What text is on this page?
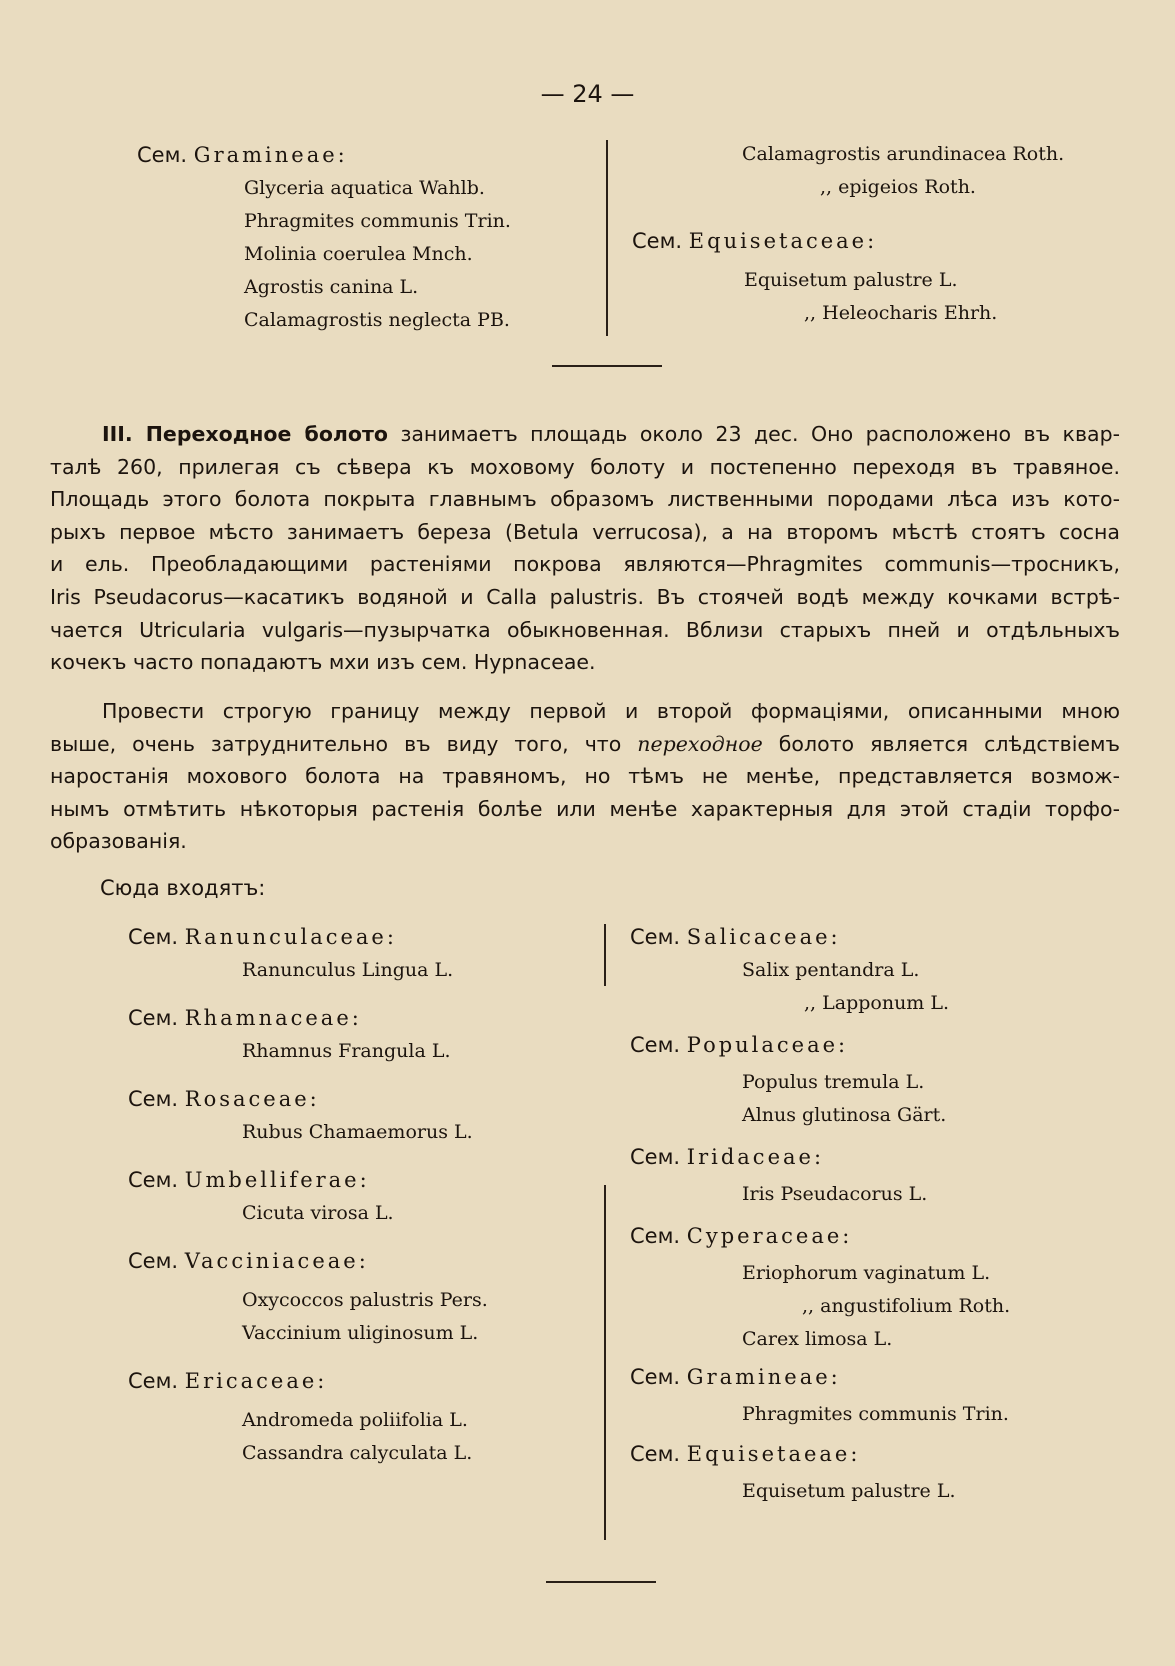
— 24 —
Сем. Gramineae:
Glyceria aquatica Wahlb.
Phragmites communis Trin.
Molinia coerulea Mnch.
Agrostis canina L.
Calamagrostis neglecta PB.
Calamagrostis arundinacea Roth.
,, epigeios Roth.
Сем. Equisetaceae:
Equisetum palustre L.
,, Heleocharis Ehrh.

III. Переходное болото занимаетъ площадь около 23 дес. Оно расположено въ квар-
талѣ 260, прилегая съ сѣвера къ моховому болоту и постепенно переходя въ травяное.
Площадь этого болота покрыта главнымъ образомъ лиственными породами лѣса изъ кото-
рыхъ первое мѣсто занимаетъ береза (Betula verrucosa), а на второмъ мѣстѣ стоятъ сосна
и ель. Преобладающими растеніями покрова являются—Phragmites communis—тросникъ,
Iris Pseudacorus—касатикъ водяной и Calla palustris. Въ стоячей водѣ между кочками встрѣ-
чается Utricularia vulgaris—пузырчатка обыкновенная. Вблизи старыхъ пней и отдѣльныхъ
кочекъ часто попадаютъ мхи изъ сем. Hypnaceae.

Провести строгую границу между первой и второй формаціями, описанными мною
выше, очень затруднительно въ виду того, что переходное болото является слѣдствіемъ
наростанія мохового болота на травяномъ, но тѣмъ не менѣе, представляется возмож-
нымъ отмѣтить нѣкоторыя растенія болѣе или менѣе характерныя для этой стадіи торфо-
образованія.

Сюда входятъ:
Сем. Ranunculaceae:
Ranunculus Lingua L.
Сем. Rhamnaceae:
Rhamnus Frangula L.
Сем. Rosaceae:
Rubus Chamaemorus L.
Сем. Umbelliferae:
Cicuta virosa L.
Сем. Vacciniaceae:
Oxycoccos palustris Pers.
Vaccinium uliginosum L.
Сем. Ericaceae:
Andromeda poliifolia L.
Cassandra calyculata L.
Сем. Salicaceae:
Salix pentandra L.
,, Lapponum L.
Сем. Populaceae:
Populus tremula L.
Alnus glutinosa Gärt.
Сем. Iridaceae:
Iris Pseudacorus L.
Сем. Cyperaceae:
Eriophorum vaginatum L.
,, angustifolium Roth.
Carex limosa L.
Сем. Gramineae:
Phragmites communis Trin.
Сем. Equisetaeae:
Equisetum palustre L.
